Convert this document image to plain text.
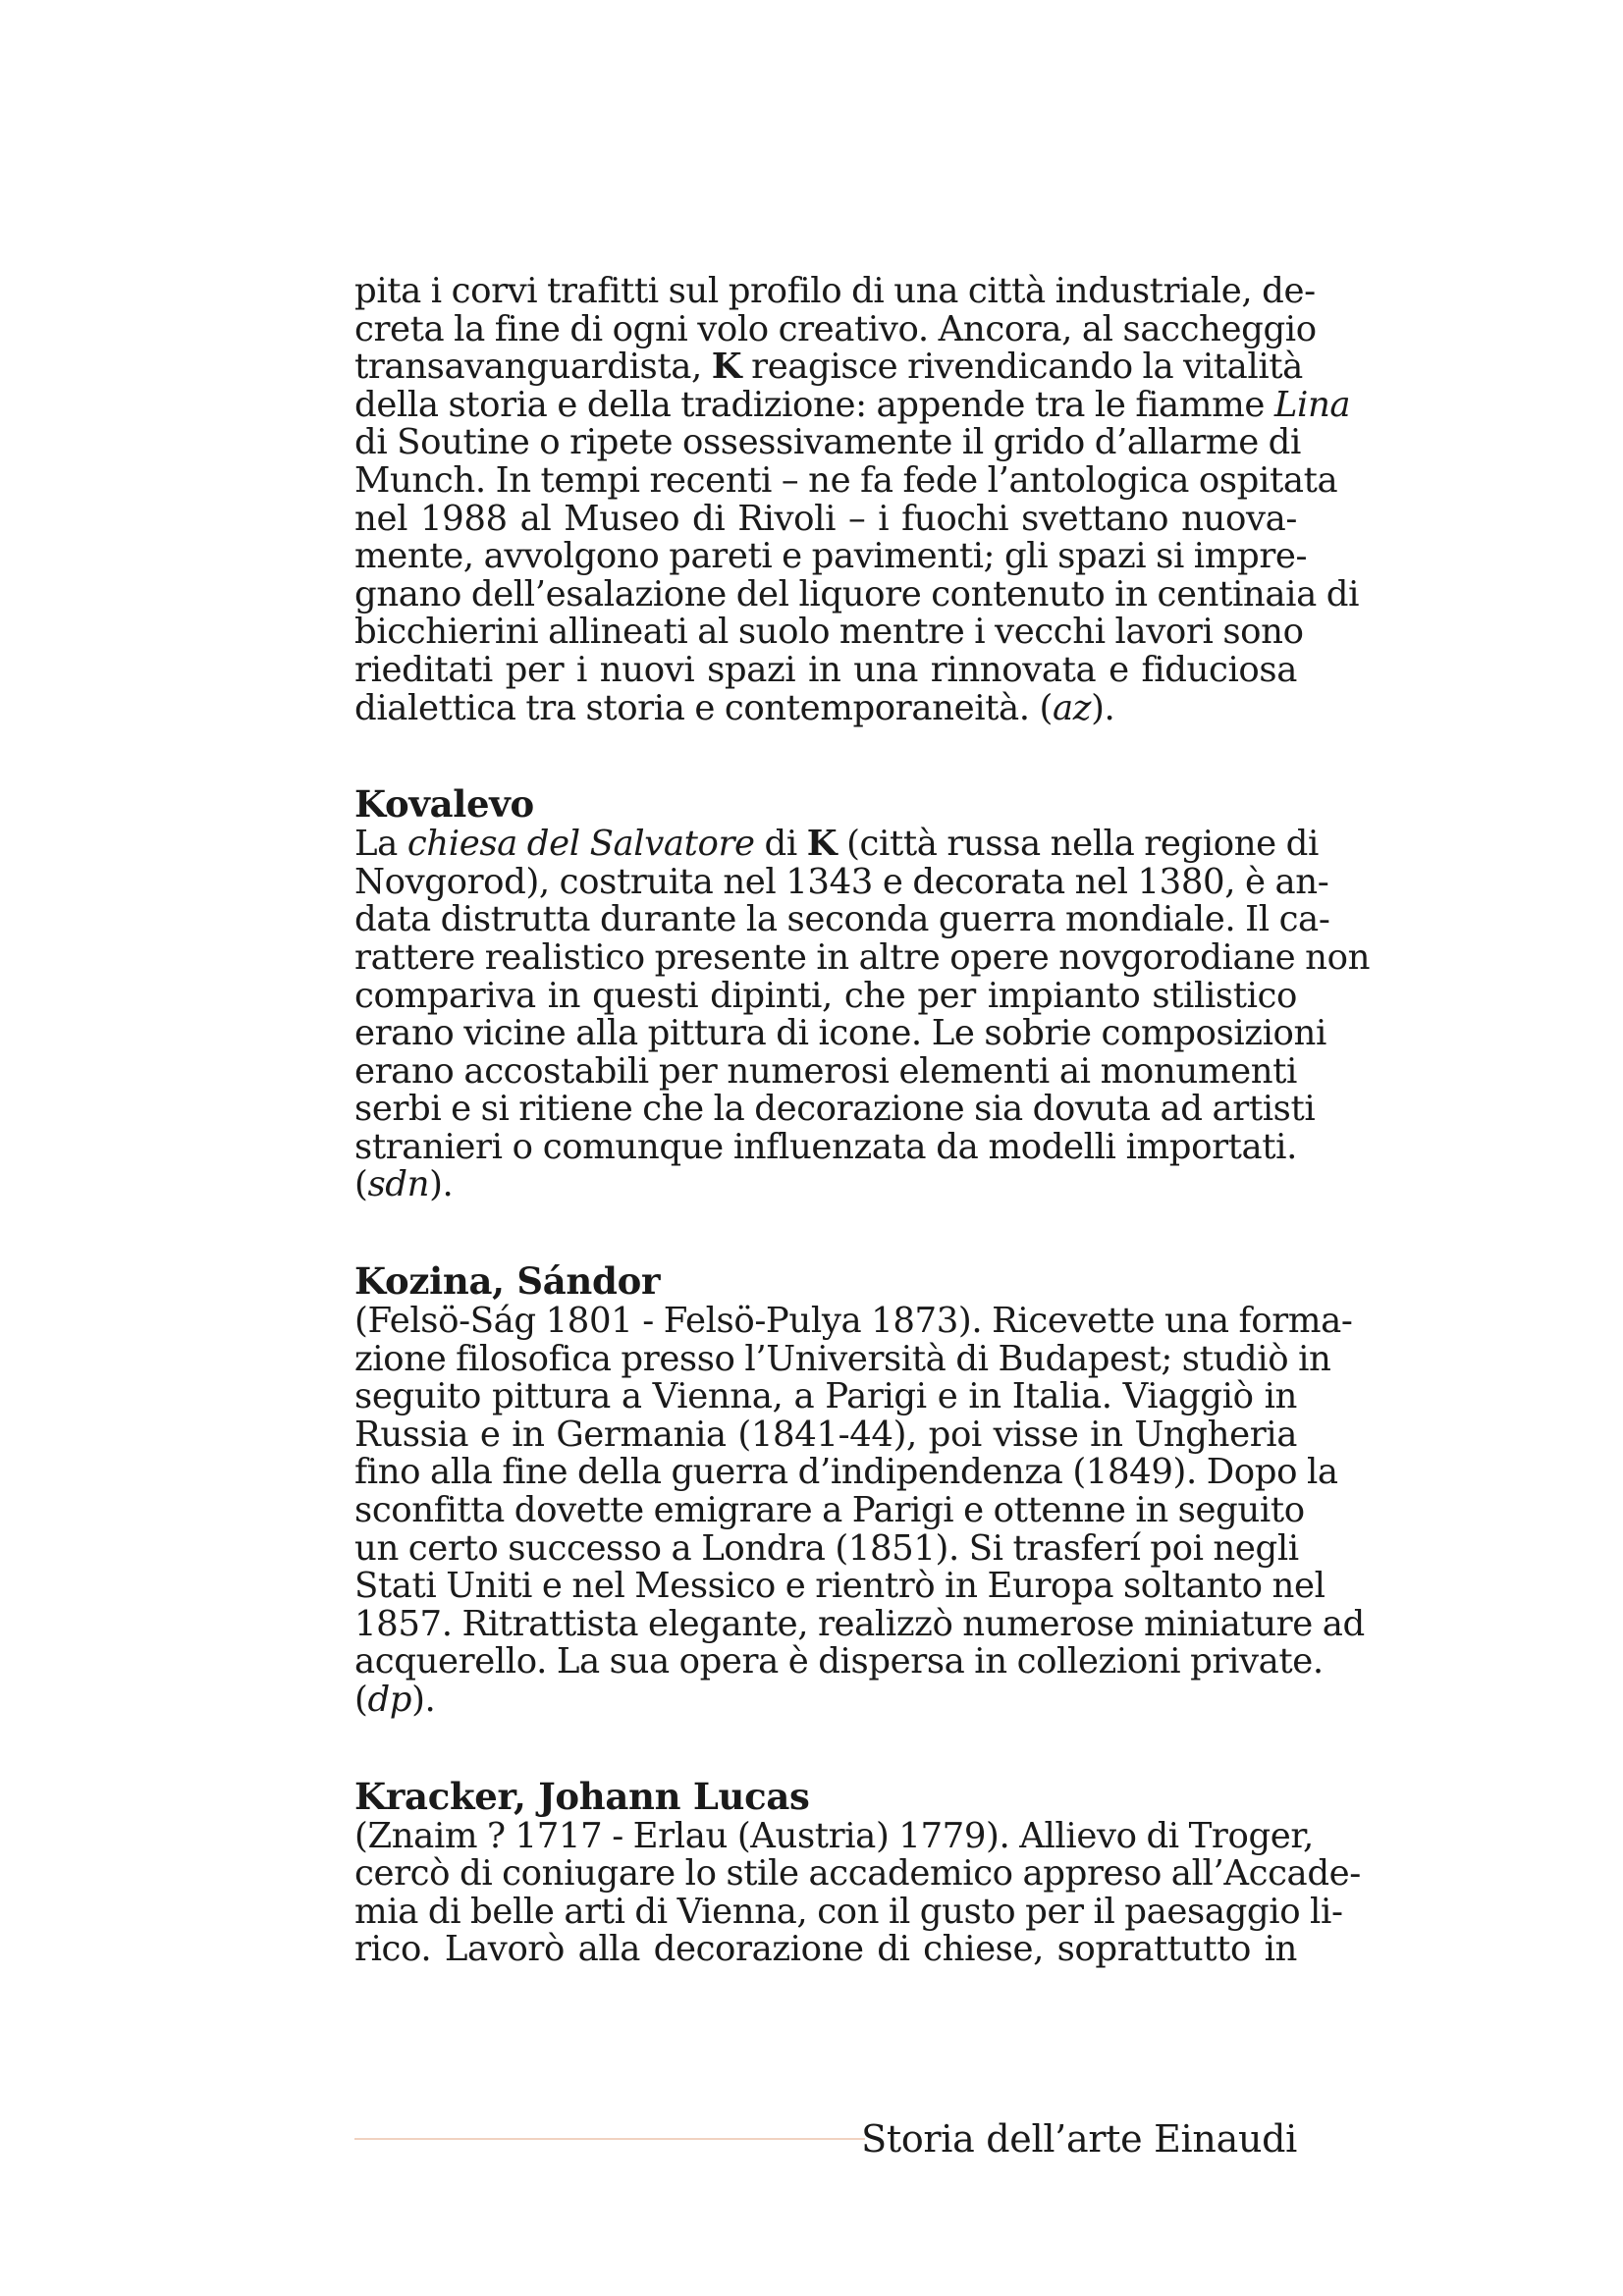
pita i corvi trafitti sul profilo di una città industriale, de-
creta la fine di ogni volo creativo. Ancora, al saccheggio
transavanguardista, K reagisce rivendicando la vitalità
della storia e della tradizione: appende tra le fiamme Lina
di Soutine o ripete ossessivamente il grido d’allarme di
Munch. In tempi recenti – ne fa fede l’antologica ospitata
nel 1988 al Museo di Rivoli – i fuochi svettano nuova-
mente, avvolgono pareti e pavimenti; gli spazi si impre-
gnano dell’esalazione del liquore contenuto in centinaia di
bicchierini allineati al suolo mentre i vecchi lavori sono
rieditati per i nuovi spazi in una rinnovata e fiduciosa
dialettica tra storia e contemporaneità. (az).
Kovalevo
La chiesa del Salvatore di K (città russa nella regione di
Novgorod), costruita nel 1343 e decorata nel 1380, è an-
data distrutta durante la seconda guerra mondiale. Il ca-
rattere realistico presente in altre opere novgorodiane non
compariva in questi dipinti, che per impianto stilistico
erano vicine alla pittura di icone. Le sobrie composizioni
erano accostabili per numerosi elementi ai monumenti
serbi e si ritiene che la decorazione sia dovuta ad artisti
stranieri o comunque influenzata da modelli importati.
(sdn).
Kozina, Sándor
(Felsö-Ság 1801 - Felsö-Pulya 1873). Ricevette una forma-
zione filosofica presso l’Università di Budapest; studiò in
seguito pittura a Vienna, a Parigi e in Italia. Viaggiò in
Russia e in Germania (1841-44), poi visse in Ungheria
fino alla fine della guerra d’indipendenza (1849). Dopo la
sconfitta dovette emigrare a Parigi e ottenne in seguito
un certo successo a Londra (1851). Si trasferí poi negli
Stati Uniti e nel Messico e rientrò in Europa soltanto nel
1857. Ritrattista elegante, realizzò numerose miniature ad
acquerello. La sua opera è dispersa in collezioni private.
(dp).
Kracker, Johann Lucas
(Znaim ? 1717 - Erlau (Austria) 1779). Allievo di Troger,
cercò di coniugare lo stile accademico appreso all’Accade-
mia di belle arti di Vienna, con il gusto per il paesaggio li-
rico. Lavorò alla decorazione di chiese, soprattutto in
Storia dell’arte Einaudi
